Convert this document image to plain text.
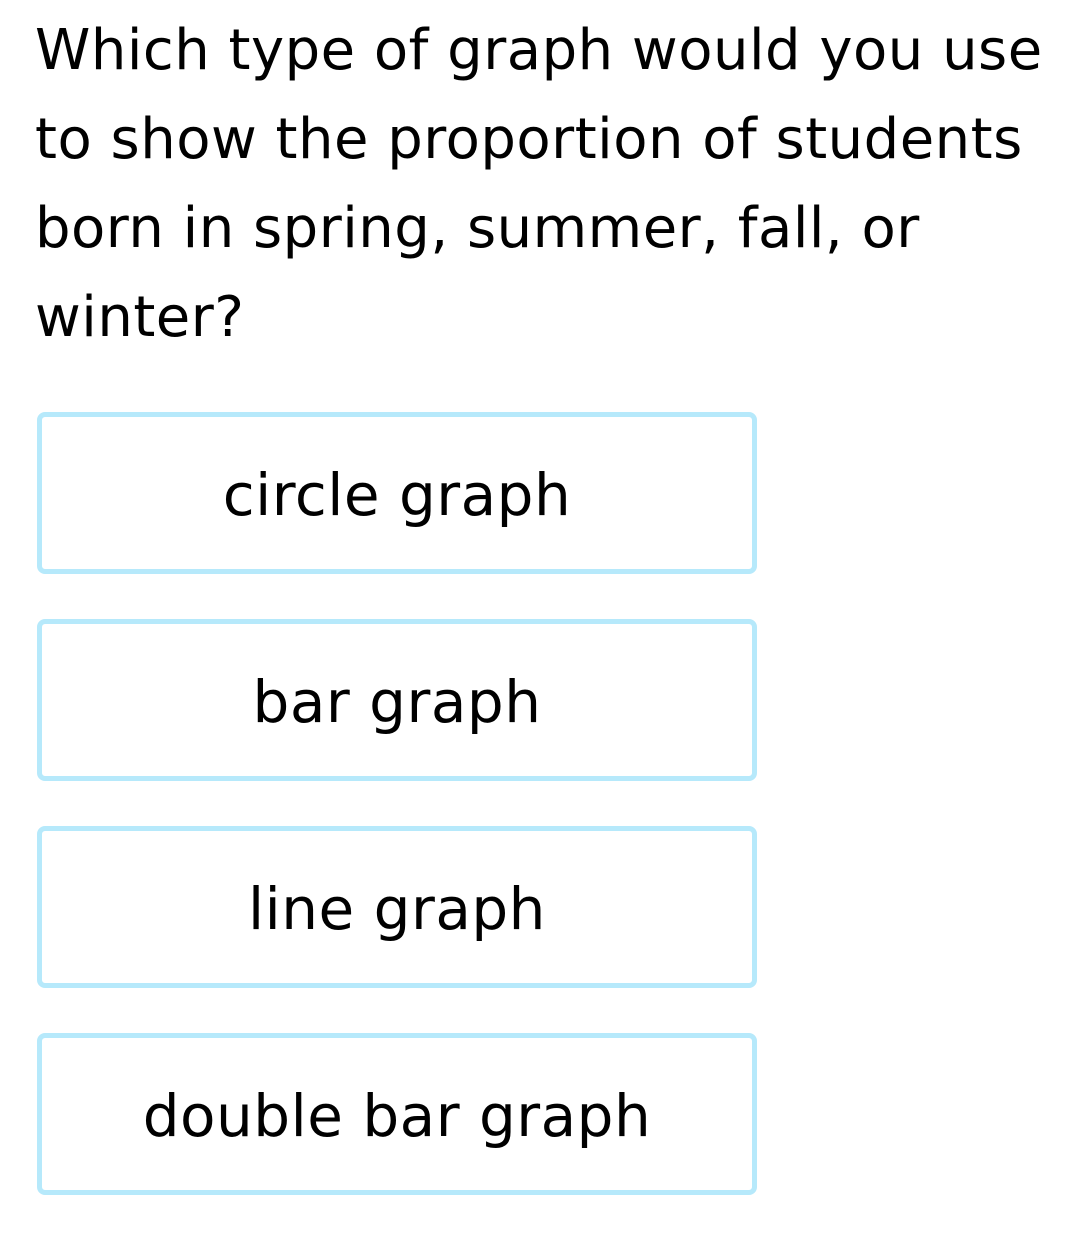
Which type of graph would you use to show the proportion of students born in spring, summer, fall, or winter?

circle graph
bar graph
line graph
double bar graph
